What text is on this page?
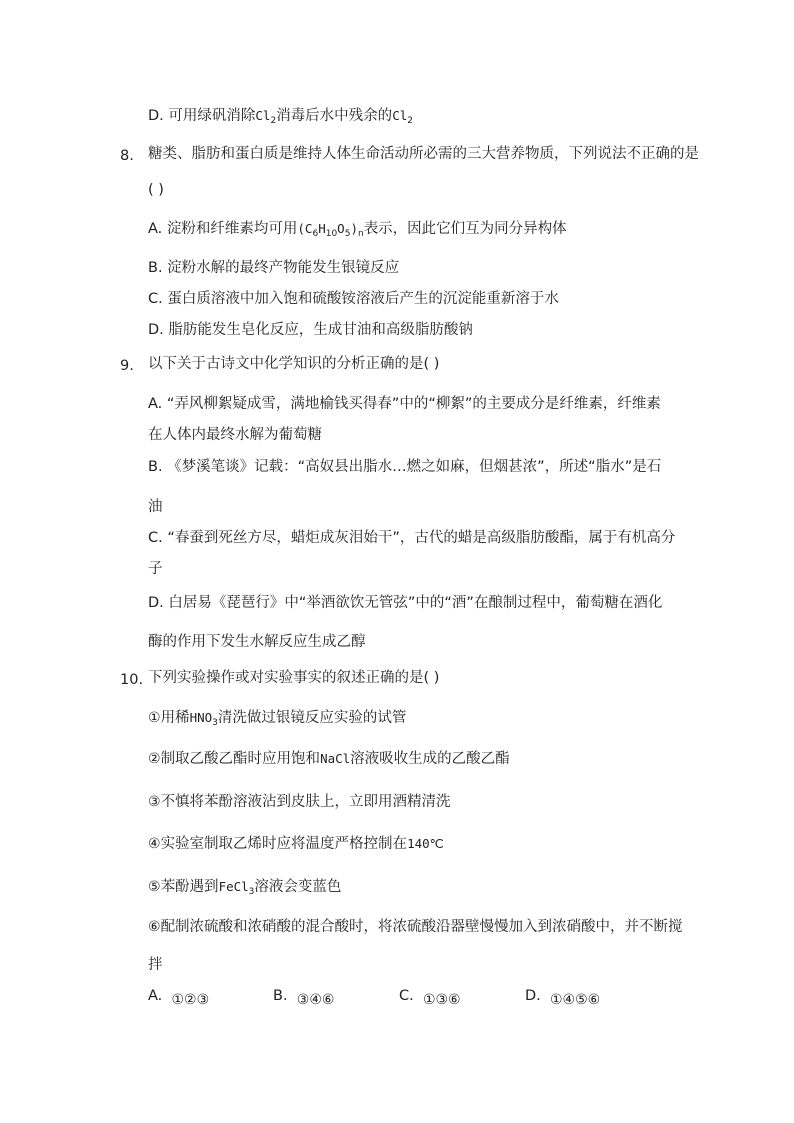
D. 可用绿矾消除$Cl_2$消毒后水中残余的$Cl_2$
8. 糖类、脂肪和蛋白质是维持人体生命活动所必需的三大营养物质，下列说法不正确的是
( )
A. 淀粉和纤维素均可用$(C_6H_{10}O_5)_n$表示，因此它们互为同分异构体
B. 淀粉水解的最终产物能发生银镜反应
C. 蛋白质溶液中加入饱和硫酸铵溶液后产生的沉淀能重新溶于水
D. 脂肪能发生皂化反应，生成甘油和高级脂肪酸钠
9. 以下关于古诗文中化学知识的分析正确的是( )
A. “弄风柳絮疑成雪，满地榆钱买得春”中的“柳絮”的主要成分是纤维素，纤维素
在人体内最终水解为葡萄糖
B. 《梦溪笔谈》记载：“高奴县出脂水…燃之如麻，但烟甚浓”，所述“脂水”是石
油
C. “春蚕到死丝方尽，蜡炬成灰泪始干”，古代的蜡是高级脂肪酸酯，属于有机高分
子
D. 白居易《琵琶行》中“举酒欲饮无管弦”中的“酒”在酿制过程中，葡萄糖在酒化
酶的作用下发生水解反应生成乙醇
10. 下列实验操作或对实验事实的叙述正确的是( )
①用稀$HNO_3$清洗做过银镜反应实验的试管
②制取乙酸乙酯时应用饱和NaCl溶液吸收生成的乙酸乙酯
③不慎将苯酚溶液沾到皮肤上，立即用酒精清洗
④实验室制取乙烯时应将温度严格控制在140℃
⑤苯酚遇到FeCl$_3$溶液会变蓝色
⑥配制浓硫酸和浓硝酸的混合酸时，将浓硫酸沿器壁慢慢加入到浓硝酸中，并不断搅
拌
A. ①②③	B. ③④⑥	C. ①③⑥	D. ①④⑤⑥
